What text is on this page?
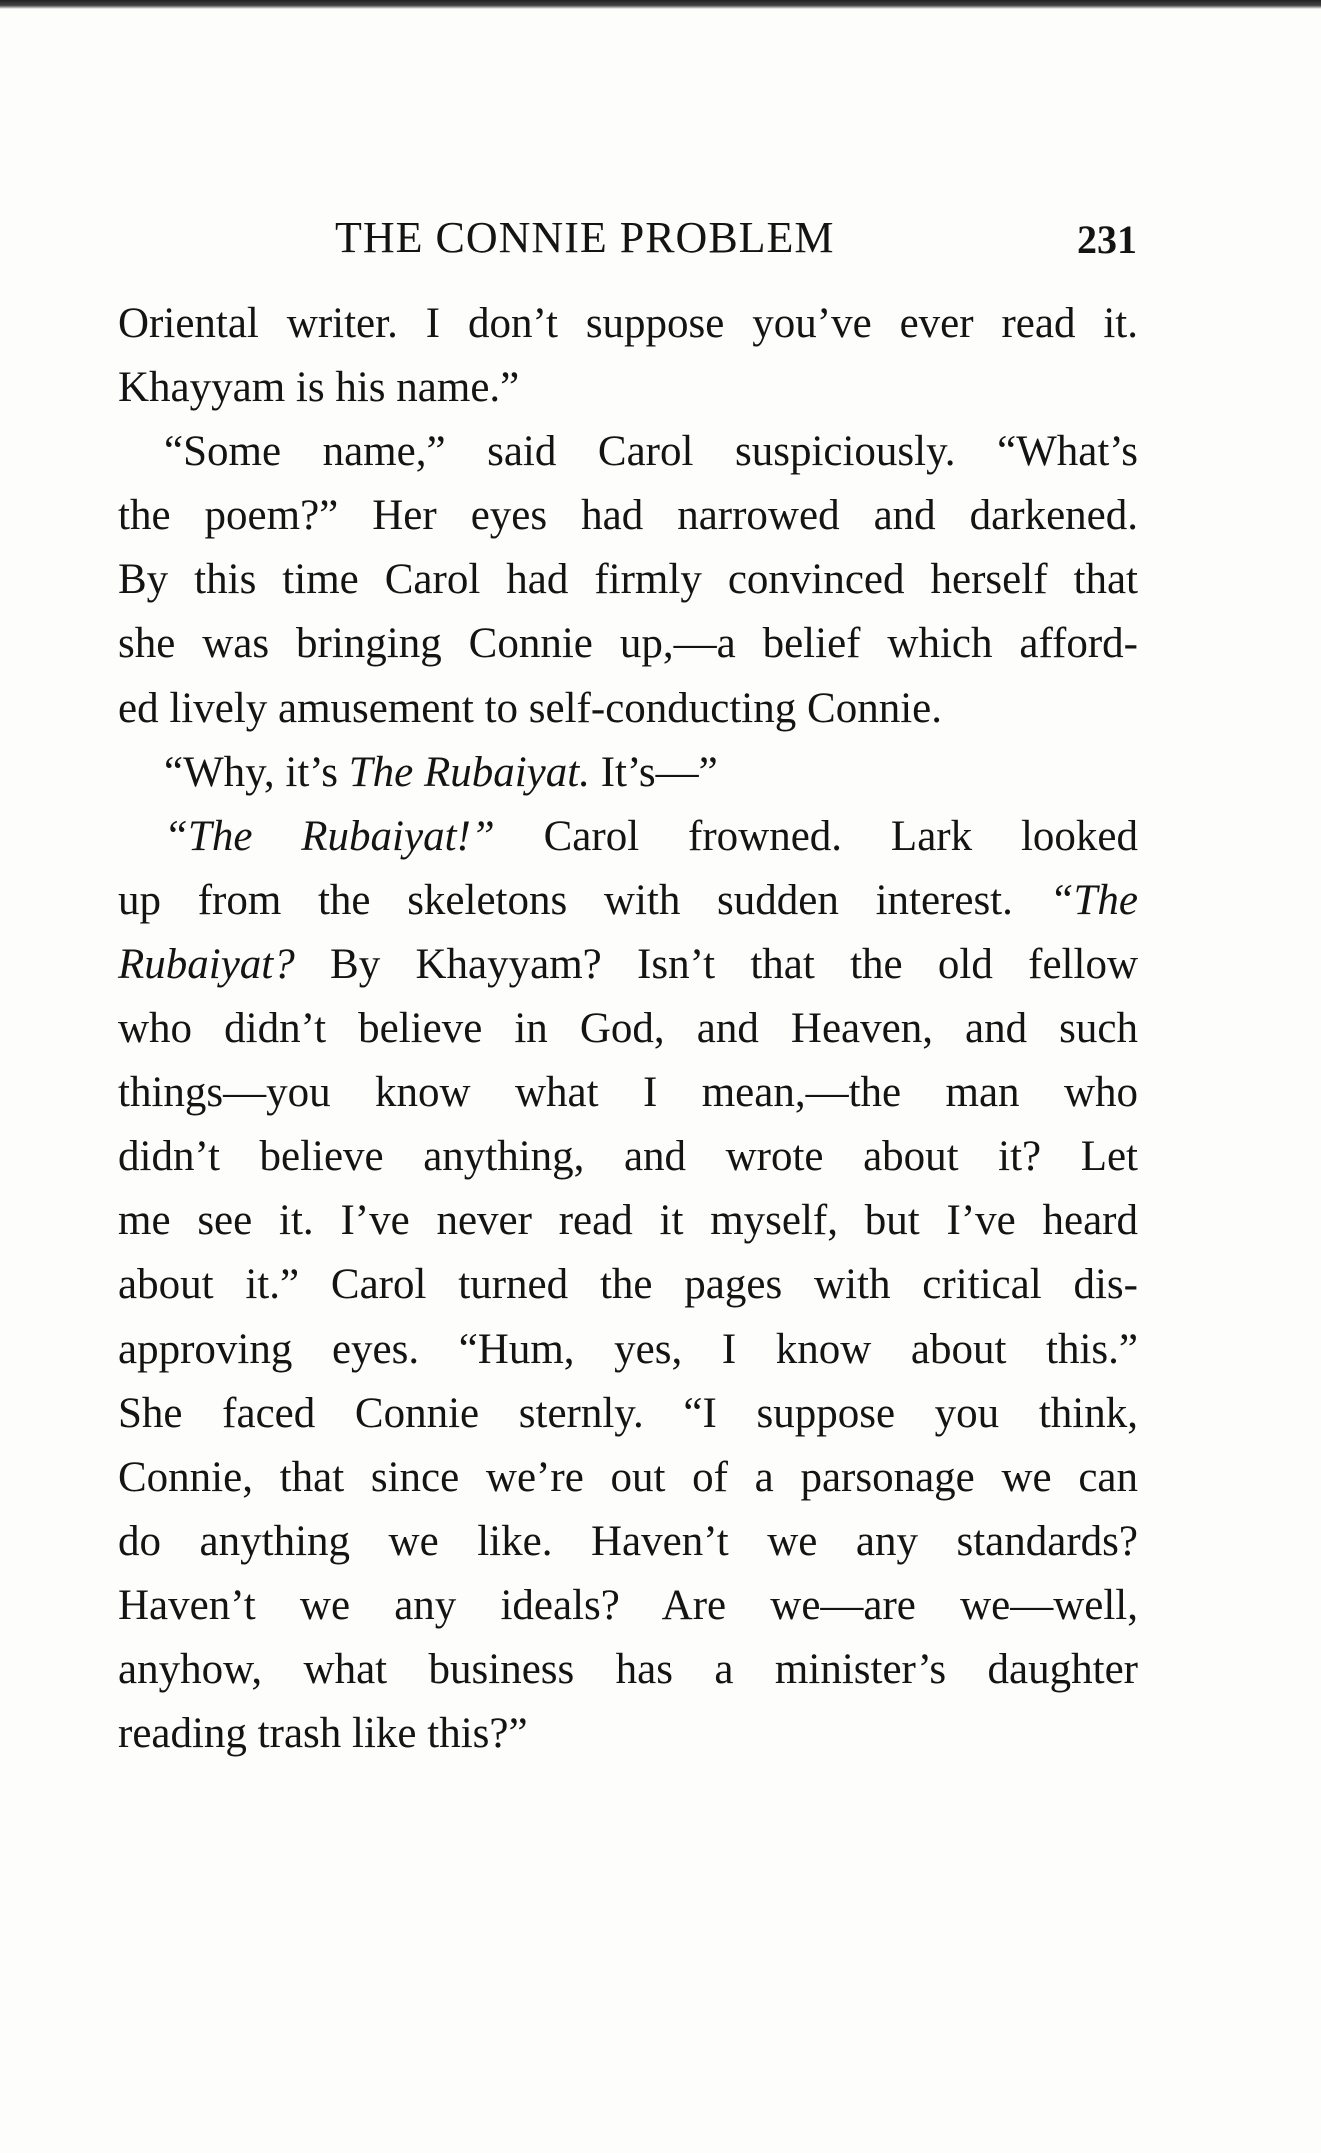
THE CONNIE PROBLEM	231
Oriental writer. I don’t suppose you’ve ever read it.
Khayyam is his name.”
“Some name,” said Carol suspiciously. “What’s
the poem?” Her eyes had narrowed and darkened.
By this time Carol had firmly convinced herself that
she was bringing Connie up,—a belief which afford-
ed lively amusement to self-conducting Connie.
“Why, it’s The Rubaiyat. It’s—”
“The Rubaiyat!” Carol frowned. Lark looked
up from the skeletons with sudden interest. “The
Rubaiyat? By Khayyam? Isn’t that the old fellow
who didn’t believe in God, and Heaven, and such
things—you know what I mean,—the man who
didn’t believe anything, and wrote about it? Let
me see it. I’ve never read it myself, but I’ve heard
about it.” Carol turned the pages with critical dis-
approving eyes. “Hum, yes, I know about this.”
She faced Connie sternly. “I suppose you think,
Connie, that since we’re out of a parsonage we can
do anything we like. Haven’t we any standards?
Haven’t we any ideals? Are we—are we—well,
anyhow, what business has a minister’s daughter
reading trash like this?”
